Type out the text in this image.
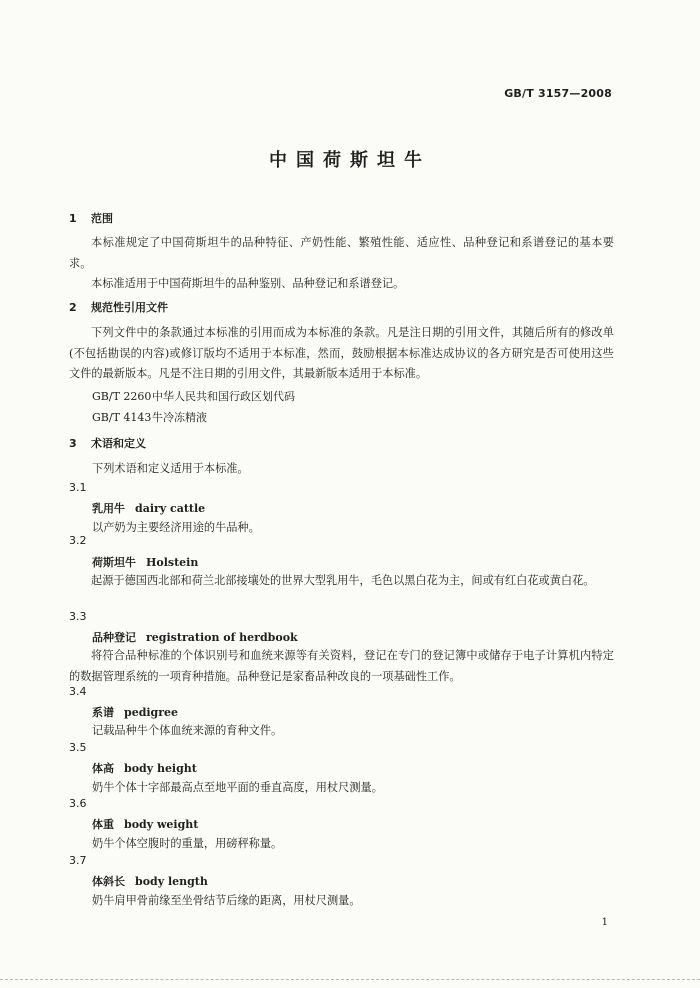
GB/T 3157—2008
中国荷斯坦牛
1 范围

本标准规定了中国荷斯坦牛的品种特征、产奶性能、繁殖性能、适应性、品种登记和系谱登记的基本要求。

本标准适用于中国荷斯坦牛的品种鉴别、品种登记和系谱登记。

2 规范性引用文件

下列文件中的条款通过本标准的引用而成为本标准的条款。凡是注日期的引用文件，其随后所有的修改单(不包括勘误的内容)或修订版均不适用于本标准，然而，鼓励根据本标准达成协议的各方研究是否可使用这些文件的最新版本。凡是不注日期的引用文件，其最新版本适用于本标准。

GB/T 2260中华人民共和国行政区划代码
GB/T 4143牛冷冻精液
3 术语和定义
下列术语和定义适用于本标准。
3.1
乳用牛 dairy cattle
以产奶为主要经济用途的牛品种。
3.2
荷斯坦牛 Holstein

起源于德国西北部和荷兰北部接壤处的世界大型乳用牛，毛色以黑白花为主，间或有红白花或黄白花。

3.3
品种登记 registration of herdbook

将符合品种标准的个体识别号和血统来源等有关资料，登记在专门的登记簿中或储存于电子计算机内特定的数据管理系统的一项育种措施。品种登记是家畜品种改良的一项基础性工作。

3.4
系谱 pedigree
记载品种牛个体血统来源的育种文件。
3.5
体高 body height
奶牛个体十字部最高点至地平面的垂直高度，用杖尺测量。
3.6
体重 body weight
奶牛个体空腹时的重量，用磅秤称量。
3.7
体斜长 body length
奶牛肩甲骨前缘至坐骨结节后缘的距离，用杖尺测量。
1
